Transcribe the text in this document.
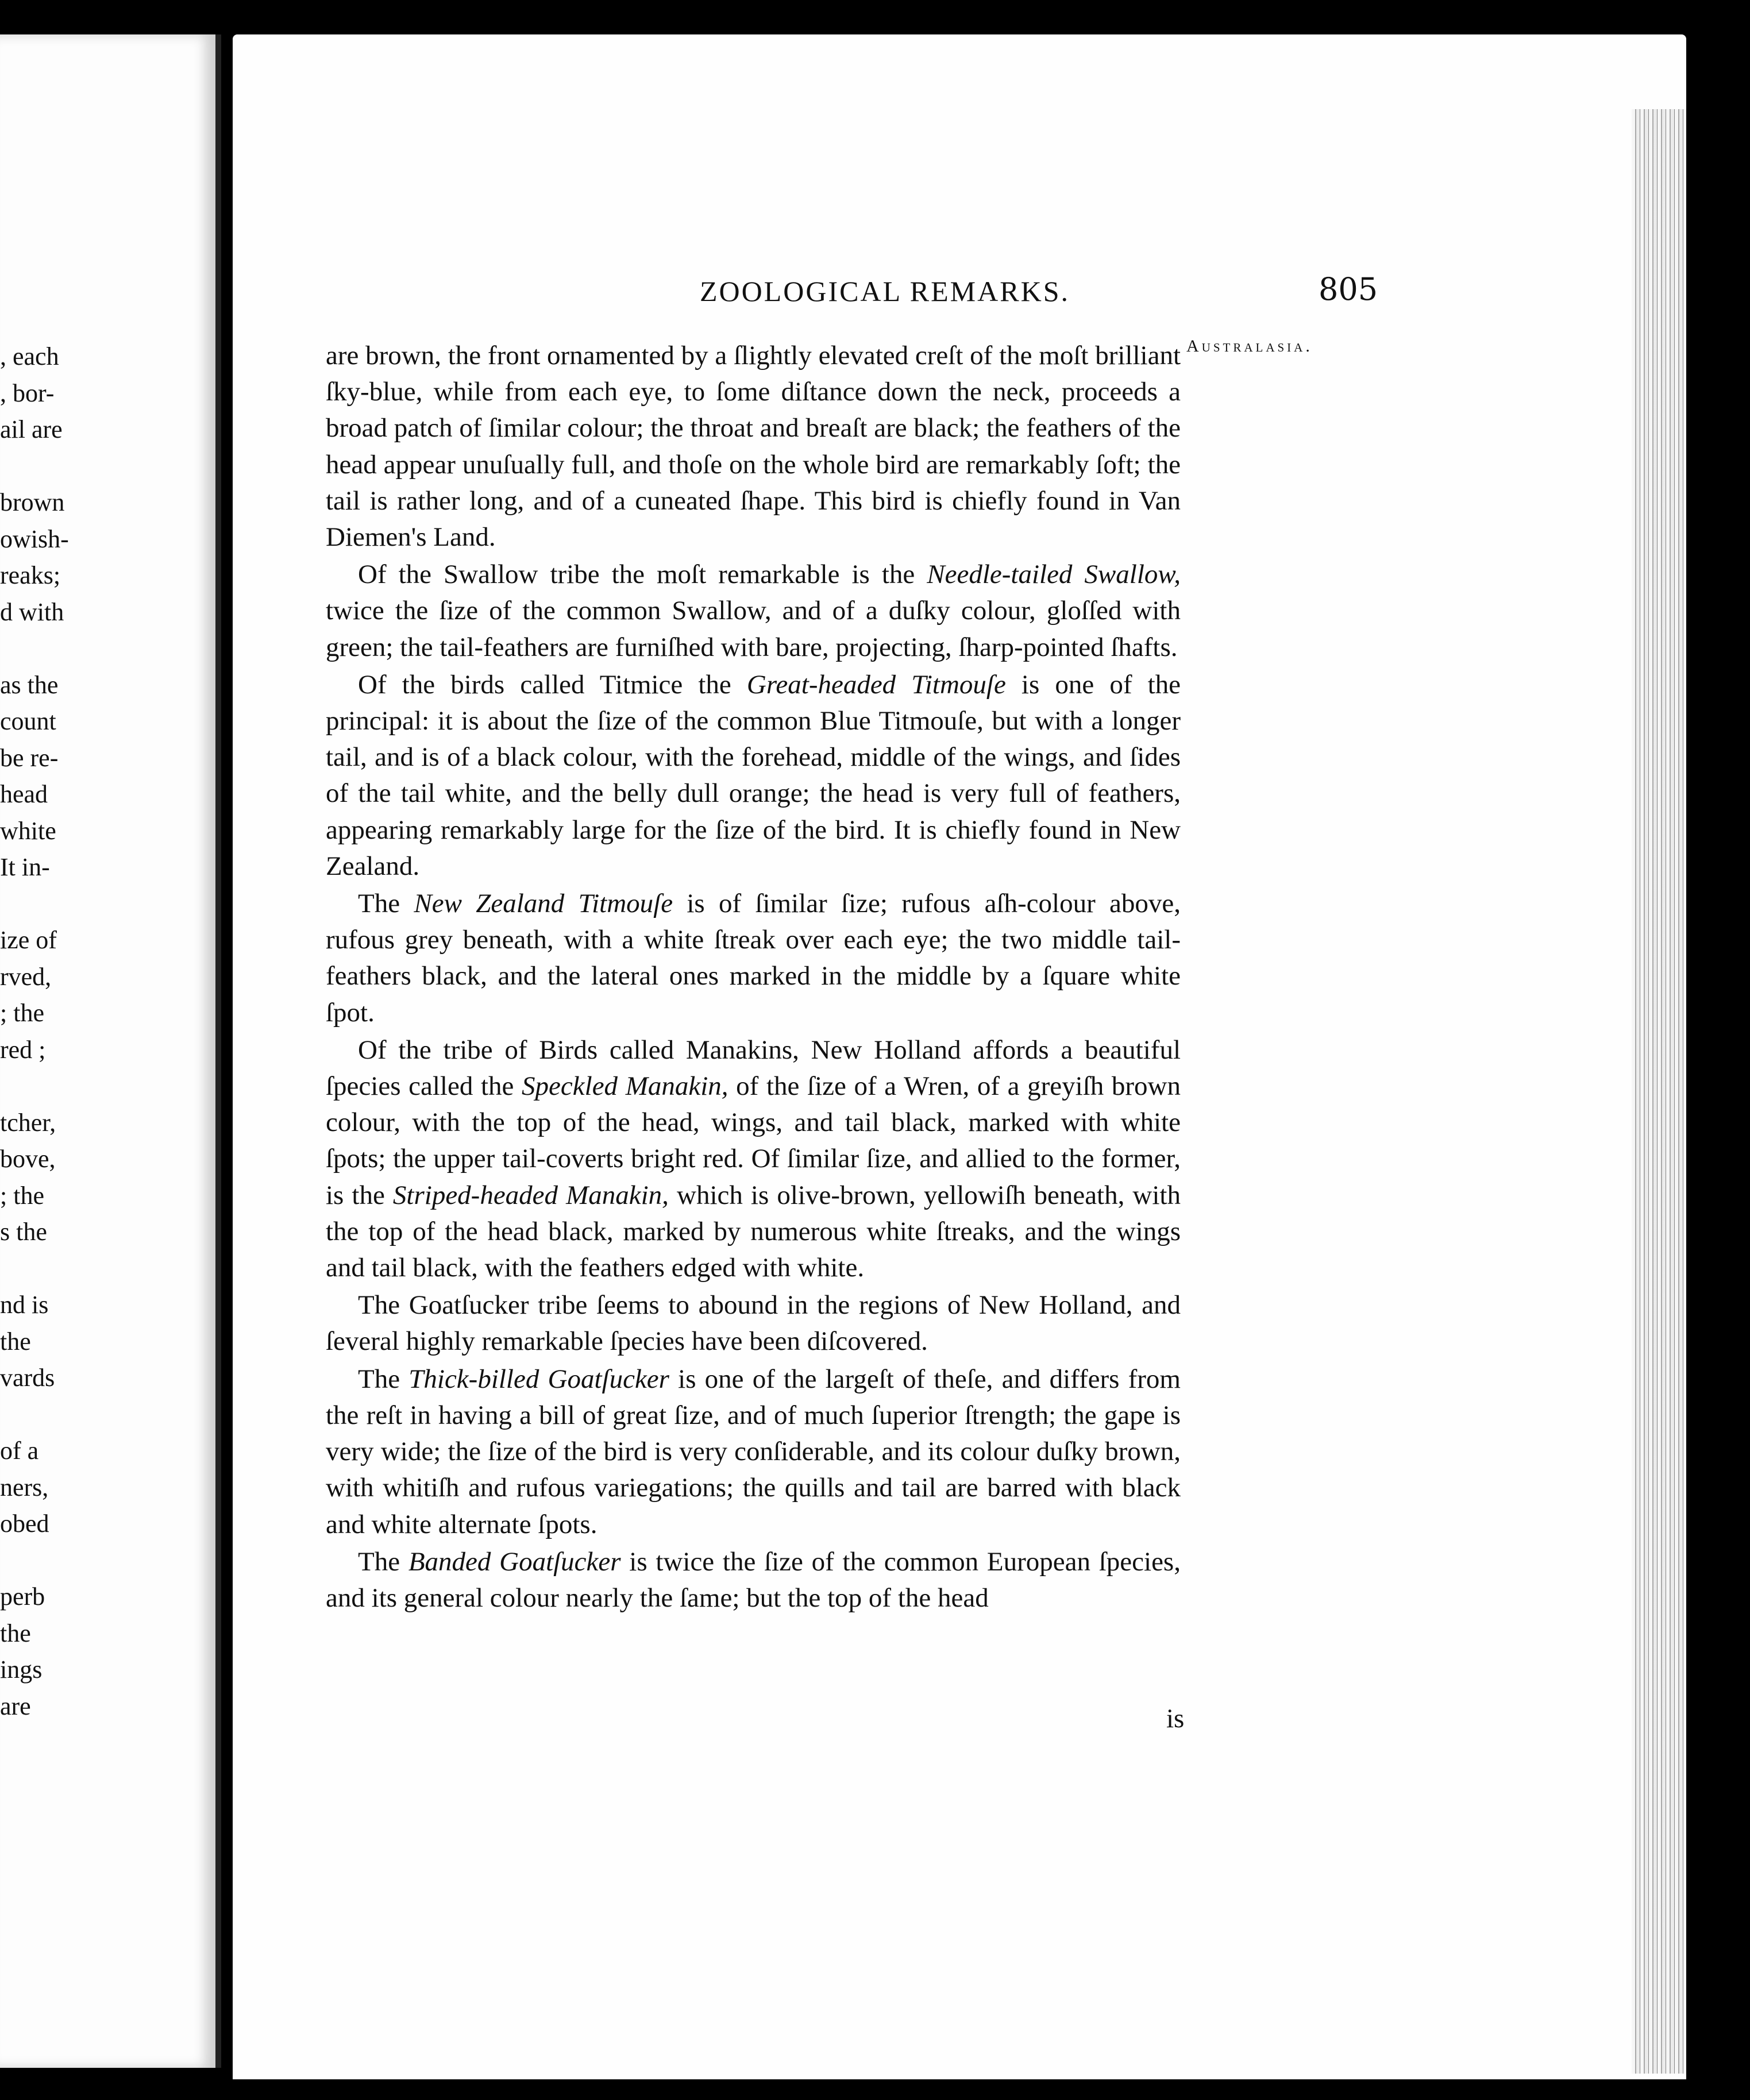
, each
, bor-
ail are
brown
owish-
reaks;
d with
as the
count
be re-
head
white
It in-
ize of
rved,
; the
red ;
tcher,
bove,
; the
s the
nd is
the
vards
of a
ners,
obed
perb
the
ings
are
ZOOLOGICAL REMARKS.	805
Australasia.

are brown, the front ornamented by a ſlightly elevated creſt of the moſt brilliant ſky-blue, while from each eye, to ſome diſtance down the neck, proceeds a broad patch of ſimilar colour; the throat and breaſt are black; the feathers of the head appear unuſually full, and thoſe on the whole bird are remarkably ſoft; the tail is rather long, and of a cuneated ſhape. This bird is chiefly found in Van Diemen's Land.

Of the Swallow tribe the moſt remarkable is the Needle-tailed Swallow, twice the ſize of the common Swallow, and of a duſky colour, gloſſed with green; the tail-feathers are furniſhed with bare, projecting, ſharp-pointed ſhafts.

Of the birds called Titmice the Great-headed Titmouſe is one of the principal: it is about the ſize of the common Blue Titmouſe, but with a longer tail, and is of a black colour, with the forehead, middle of the wings, and ſides of the tail white, and the belly dull orange; the head is very full of feathers, appearing remarkably large for the ſize of the bird. It is chiefly found in New Zealand.

The New Zealand Titmouſe is of ſimilar ſize; rufous aſh-colour above, rufous grey beneath, with a white ſtreak over each eye; the two middle tail-feathers black, and the lateral ones marked in the middle by a ſquare white ſpot.

Of the tribe of Birds called Manakins, New Holland affords a beautiful ſpecies called the Speckled Manakin, of the ſize of a Wren, of a greyiſh brown colour, with the top of the head, wings, and tail black, marked with white ſpots; the upper tail-coverts bright red. Of ſimilar ſize, and allied to the former, is the Striped-headed Manakin, which is olive-brown, yellowiſh beneath, with the top of the head black, marked by numerous white ſtreaks, and the wings and tail black, with the feathers edged with white.

The Goatſucker tribe ſeems to abound in the regions of New Holland, and ſeveral highly remarkable ſpecies have been diſcovered.

The Thick-billed Goatſucker is one of the largeſt of theſe, and differs from the reſt in having a bill of great ſize, and of much ſuperior ſtrength; the gape is very wide; the ſize of the bird is very conſiderable, and its colour duſky brown, with whitiſh and rufous variegations; the quills and tail are barred with black and white alternate ſpots.

The Banded Goatſucker is twice the ſize of the common European ſpecies, and its general colour nearly the ſame; but the top of the head

is
